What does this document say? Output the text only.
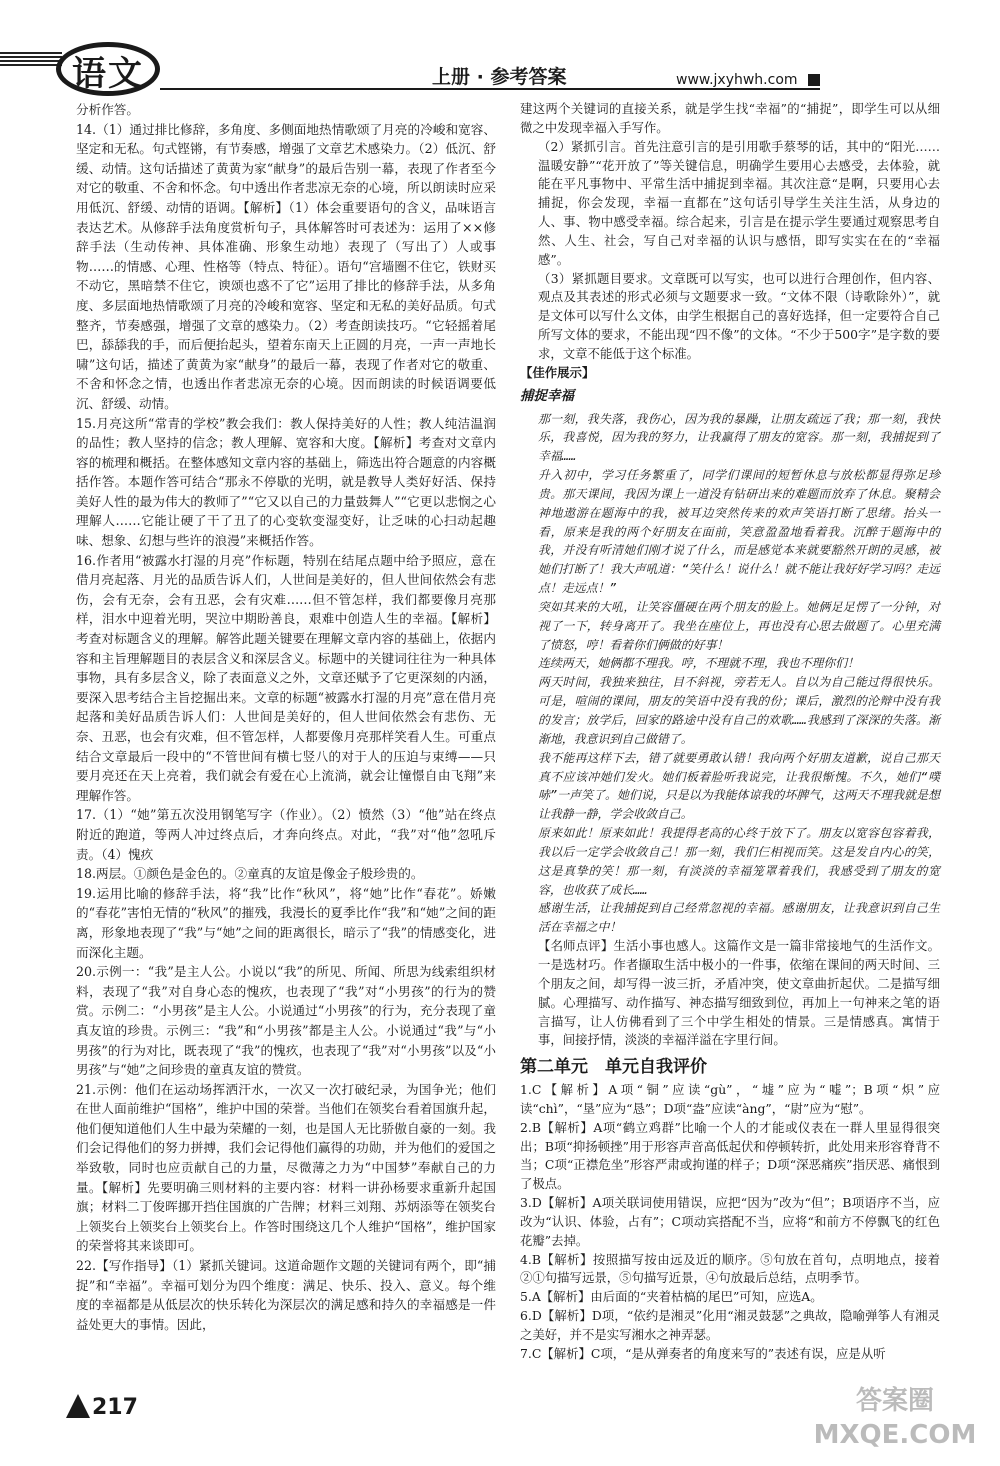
语文	上册 · 参考答案	www.jxyhwh.com

分析作答。

14.（1）通过排比修辞，多角度、多侧面地热情歌颂了月亮的冷峻和宽容、坚定和无私。句式铿锵，有节奏感，增强了文章艺术感染力。（2）低沉、舒缓、动情。这句话描述了黄黄为家“献身”的最后告别一幕，表现了作者至今对它的敬重、不舍和怀念。句中透出作者悲凉无奈的心境，所以朗读时应采用低沉、舒缓、动情的语调。【解析】（1）体会重要语句的含义，品味语言表达艺术。从修辞手法角度赏析句子，具体解答时可表述为：运用了××修辞手法（生动传神、具体准确、形象生动地）表现了（写出了）人或事物……的情感、心理、性格等（特点、特征）。语句“宫墙圈不住它，铁财买不动它，黑暗禁不住它，谀颂也惑不了它”运用了排比的修辞手法，从多角度、多层面地热情歌颂了月亮的冷峻和宽容、坚定和无私的美好品质。句式整齐，节奏感强，增强了文章的感染力。（2）考查朗读技巧。“它轻摇着尾巴，舔舔我的手，而后便抬起头，望着东南天上正圆的月亮，一声一声地长啸”这句话，描述了黄黄为家“献身”的最后一幕，表现了作者对它的敬重、不舍和怀念之情，也透出作者悲凉无奈的心境。因而朗读的时候语调要低沉、舒缓、动情。

15.月亮这所“常青的学校”教会我们：教人保持美好的人性；教人纯洁温润的品性；教人坚持的信念；教人理解、宽容和大度。【解析】考查对文章内容的梳理和概括。在整体感知文章内容的基础上，筛选出符合题意的内容概括作答。本题作答可结合“那永不停歇的光明，就是教导人类好好活、保持美好人性的最为伟大的教师了”“它又以自己的力量鼓舞人”“它更以悲悯之心理解人……它能让硬了干了丑了的心变软变湿变好，让乏味的心扫动起趣味、想象、幻想与些许的浪漫”来概括作答。

16.作者用“被露水打湿的月亮”作标题，特别在结尾点题中给予照应，意在借月亮起落、月光的品质告诉人们，人世间是美好的，但人世间依然会有悲伤，会有无奈，会有丑恶，会有灾难……但不管怎样，我们都要像月亮那样，泪水中迎着光明，哭泣中期盼善良，艰难中创造人生的幸福。【解析】考查对标题含义的理解。解答此题关键要在理解文章内容的基础上，依据内容和主旨理解题目的表层含义和深层含义。标题中的关键词往往为一种具体事物，具有多层含义，除了表面意义之外，文章还赋予了它更深刻的内涵，要深入思考结合主旨挖掘出来。文章的标题“被露水打湿的月亮”意在借月亮起落和美好品质告诉人们：人世间是美好的，但人世间依然会有悲伤、无奈、丑恶，也会有灾难，但不管怎样，人都要像月亮那样笑看人生。可重点结合文章最后一段中的“不管世间有横七竖八的对于人的压迫与束缚——只要月亮还在天上亮着，我们就会有爱在心上流淌，就会让憧憬自由飞翔”来理解作答。

17.（1）“她”第五次没用钢笔写字（作业）。（2）愤然（3）“他”站在终点附近的跑道，等两人冲过终点后，才奔向终点。对此，“我”对“他”忽吼斥责。（4）愧疚

18.两层。①颜色是金色的。②童真的友谊是像金子般珍贵的。

19.运用比喻的修辞手法，将“我”比作“秋风”，将“她”比作“春花”。娇嫩的“春花”害怕无情的“秋风”的摧残，我漫长的夏季比作“我”和“她”之间的距离，形象地表现了“我”与“她”之间的距离很长，暗示了“我”的情感变化，进而深化主题。

20.示例一：“我”是主人公。小说以“我”的所见、所闻、所思为线索组织材料，表现了“我”对自身心态的愧疚，也表现了“我”对“小男孩”的行为的赞赏。示例二：“小男孩”是主人公。小说通过“小男孩”的行为，充分表现了童真友谊的珍贵。示例三：“我”和“小男孩”都是主人公。小说通过“我”与“小男孩”的行为对比，既表现了“我”的愧疚，也表现了“我”对“小男孩”以及“小男孩”与“她”之间珍贵的童真友谊的赞赏。

21.示例：他们在运动场挥洒汗水，一次又一次打破纪录，为国争光；他们在世人面前维护“国格”，维护中国的荣誉。当他们在领奖台看着国旗升起，他们便知道他们人生中最为荣耀的一刻，也是国人无比骄傲自豪的一刻。我们会记得他们的努力拼搏，我们会记得他们赢得的功勋，并为他们的爱国之举致敬，同时也应贡献自己的力量，尽微薄之力为“中国梦”奉献自己的力量。【解析】先要明确三则材料的主要内容：材料一讲孙杨要求重新升起国旗；材料二丁俊晖挪开挡住国旗的广告牌；材料三刘翔、苏炳添等在领奖台上领奖台上领奖台上领奖台上。作答时围绕这几个人维护“国格”，维护国家的荣誉将其来谈即可。

22.【写作指导】（1）紧抓关键词。这道命题作文题的关键词有两个，即“捕捉”和“幸福”。幸福可划分为四个维度：满足、快乐、投入、意义。每个维度的幸福都是从低层次的快乐转化为深层次的满足感和持久的幸福感是一件益处更大的事情。因此，

建这两个关键词的直接关系，就是学生找“幸福”的“捕捉”，即学生可以从细微之中发现幸福入手写作。

（2）紧抓引言。首先注意引言的是引用歌手蔡琴的话，其中的“阳光……温暖安静”“花开放了”等关键信息，明确学生要用心去感受，去体验，就能在平凡事物中、平常生活中捕捉到幸福。其次注意“是啊，只要用心去捕捉，你会发现，幸福一直都在”这句话引导学生关注生活，从身边的人、事、物中感受幸福。综合起来，引言是在提示学生要通过观察思考自然、人生、社会，写自己对幸福的认识与感悟，即写实实在在的“幸福感”。

（3）紧抓题目要求。文章既可以写实，也可以进行合理创作，但内容、观点及其表述的形式必须与文题要求一致。“文体不限（诗歌除外）”，就是文体可以写什么文体，由学生根据自己的喜好选择，但一定要符合自己所写文体的要求，不能出现“四不像”的文体。“不少于500字”是字数的要求，文章不能低于这个标准。

【佳作展示】

捕捉幸福

那一刻，我失落，我伤心，因为我的暴躁，让朋友疏远了我；那一刻，我快乐，我喜悦，因为我的努力，让我赢得了朋友的宽容。那一刻，我捕捉到了幸福……

升入初中，学习任务繁重了，同学们课间的短暂休息与放松都显得弥足珍贵。那天课间，我因为课上一道没有钻研出来的难题而放弃了休息。聚精会神地遨游在题海中的我，被耳边突然传来的欢声笑语打断了思绪。抬头一看，原来是我的两个好朋友在面前，笑意盈盈地看着我。沉醉于题海中的我，并没有听清她们刚才说了什么，而是感觉本来就要豁然开朗的灵感，被她们打断了！我大声吼道：“笑什么！说什么！就不能让我好好学习吗？走远点！走远点！”

突如其来的大吼，让笑容僵硬在两个朋友的脸上。她俩足足愣了一分钟，对视了一下，转身离开了。我坐在座位上，再也没有心思去做题了。心里充满了愤怒，哼！看着你们俩做的好事！

连续两天，她俩都不理我。哼，不理就不理，我也不理你们！

两天时间，我独来独往，目不斜视，旁若无人。自以为自己能过得很快乐。可是，喧闹的课间，朋友的笑语中没有我的份；课后，激烈的沦辩中没有我的发言；放学后，回家的路途中没有自己的欢歌……我感到了深深的失落。渐渐地，我意识到自己做错了。

我不能再这样下去，错了就要勇敢认错！我向两个好朋友道歉，说自己那天真不应该冲她们发火。她们板着脸听我说完，让我很惭愧。不久，她们“噗哧”一声笑了。她们说，只是以为我能体谅我的坏脾气，这两天不理我就是想让我静一静，学会收敛自己。

原来如此！原来如此！我提得老高的心终于放下了。朋友以宽容包容着我，我以后一定学会收敛自己！那一刻，我们仨相视而笑。这是发自内心的笑，这是真挚的笑！那一刻，有淡淡的幸福笼罩着我们，我感受到了朋友的宽容，也收获了成长……

感谢生活，让我捕捉到自己经常忽视的幸福。感谢朋友，让我意识到自己生活在幸福之中！

【名师点评】生活小事也感人。这篇作文是一篇非常接地气的生活作文。一是选材巧。作者撷取生活中极小的一件事，依缩在课间的两天时间、三个朋友之间，却写得一波三折，矛盾冲突，使文章曲折起伏。二是描写细腻。心理描写、动作描写、神态描写细致到位，再加上一句神来之笔的语言描写，让人仿佛看到了三个中学生相处的情景。三是情感真。寓情于事，间接抒情，淡淡的幸福洋溢在字里行间。

第二单元　单元自我评价

1.C【解析】A项“铜”应读“gù”，“墟”应为“嘘”；B项“炽”应读“chì”，“垦”应为“恳”；D项“盎”应读“àng”，“尉”应为“慰”。

2.B【解析】A项“鹤立鸡群”比喻一个人的才能或仪表在一群人里显得很突出；B项“抑扬顿挫”用于形容声音高低起伏和停顿转折，此处用来形容脊背不当；C项“正襟危坐”形容严肃或拘谨的样子；D项“深恶痛疾”指厌恶、痛恨到了极点。

3.D【解析】A项关联词使用错误，应把“因为”改为“但”；B项语序不当，应改为“认识、体验，占有”；C项动宾搭配不当，应将“和前方不停飘飞的红色花瓣”去掉。

4.B【解析】按照描写按由远及近的顺序。⑤句放在首句，点明地点，接着②①句描写远景，⑤句描写近景，④句放最后总结，点明季节。

5.A【解析】由后面的“夹着枯槁的尾巴”可知，应选A。

6.D【解析】D项，“依约是湘灵”化用“湘灵鼓瑟”之典故，隐喻弹筝人有湘灵之美好，并不是实写湘水之神弄瑟。

7.C【解析】C项，“是从弹奏者的角度来写的”表述有误，应是从听

217	答案圈 MXQE.COM
